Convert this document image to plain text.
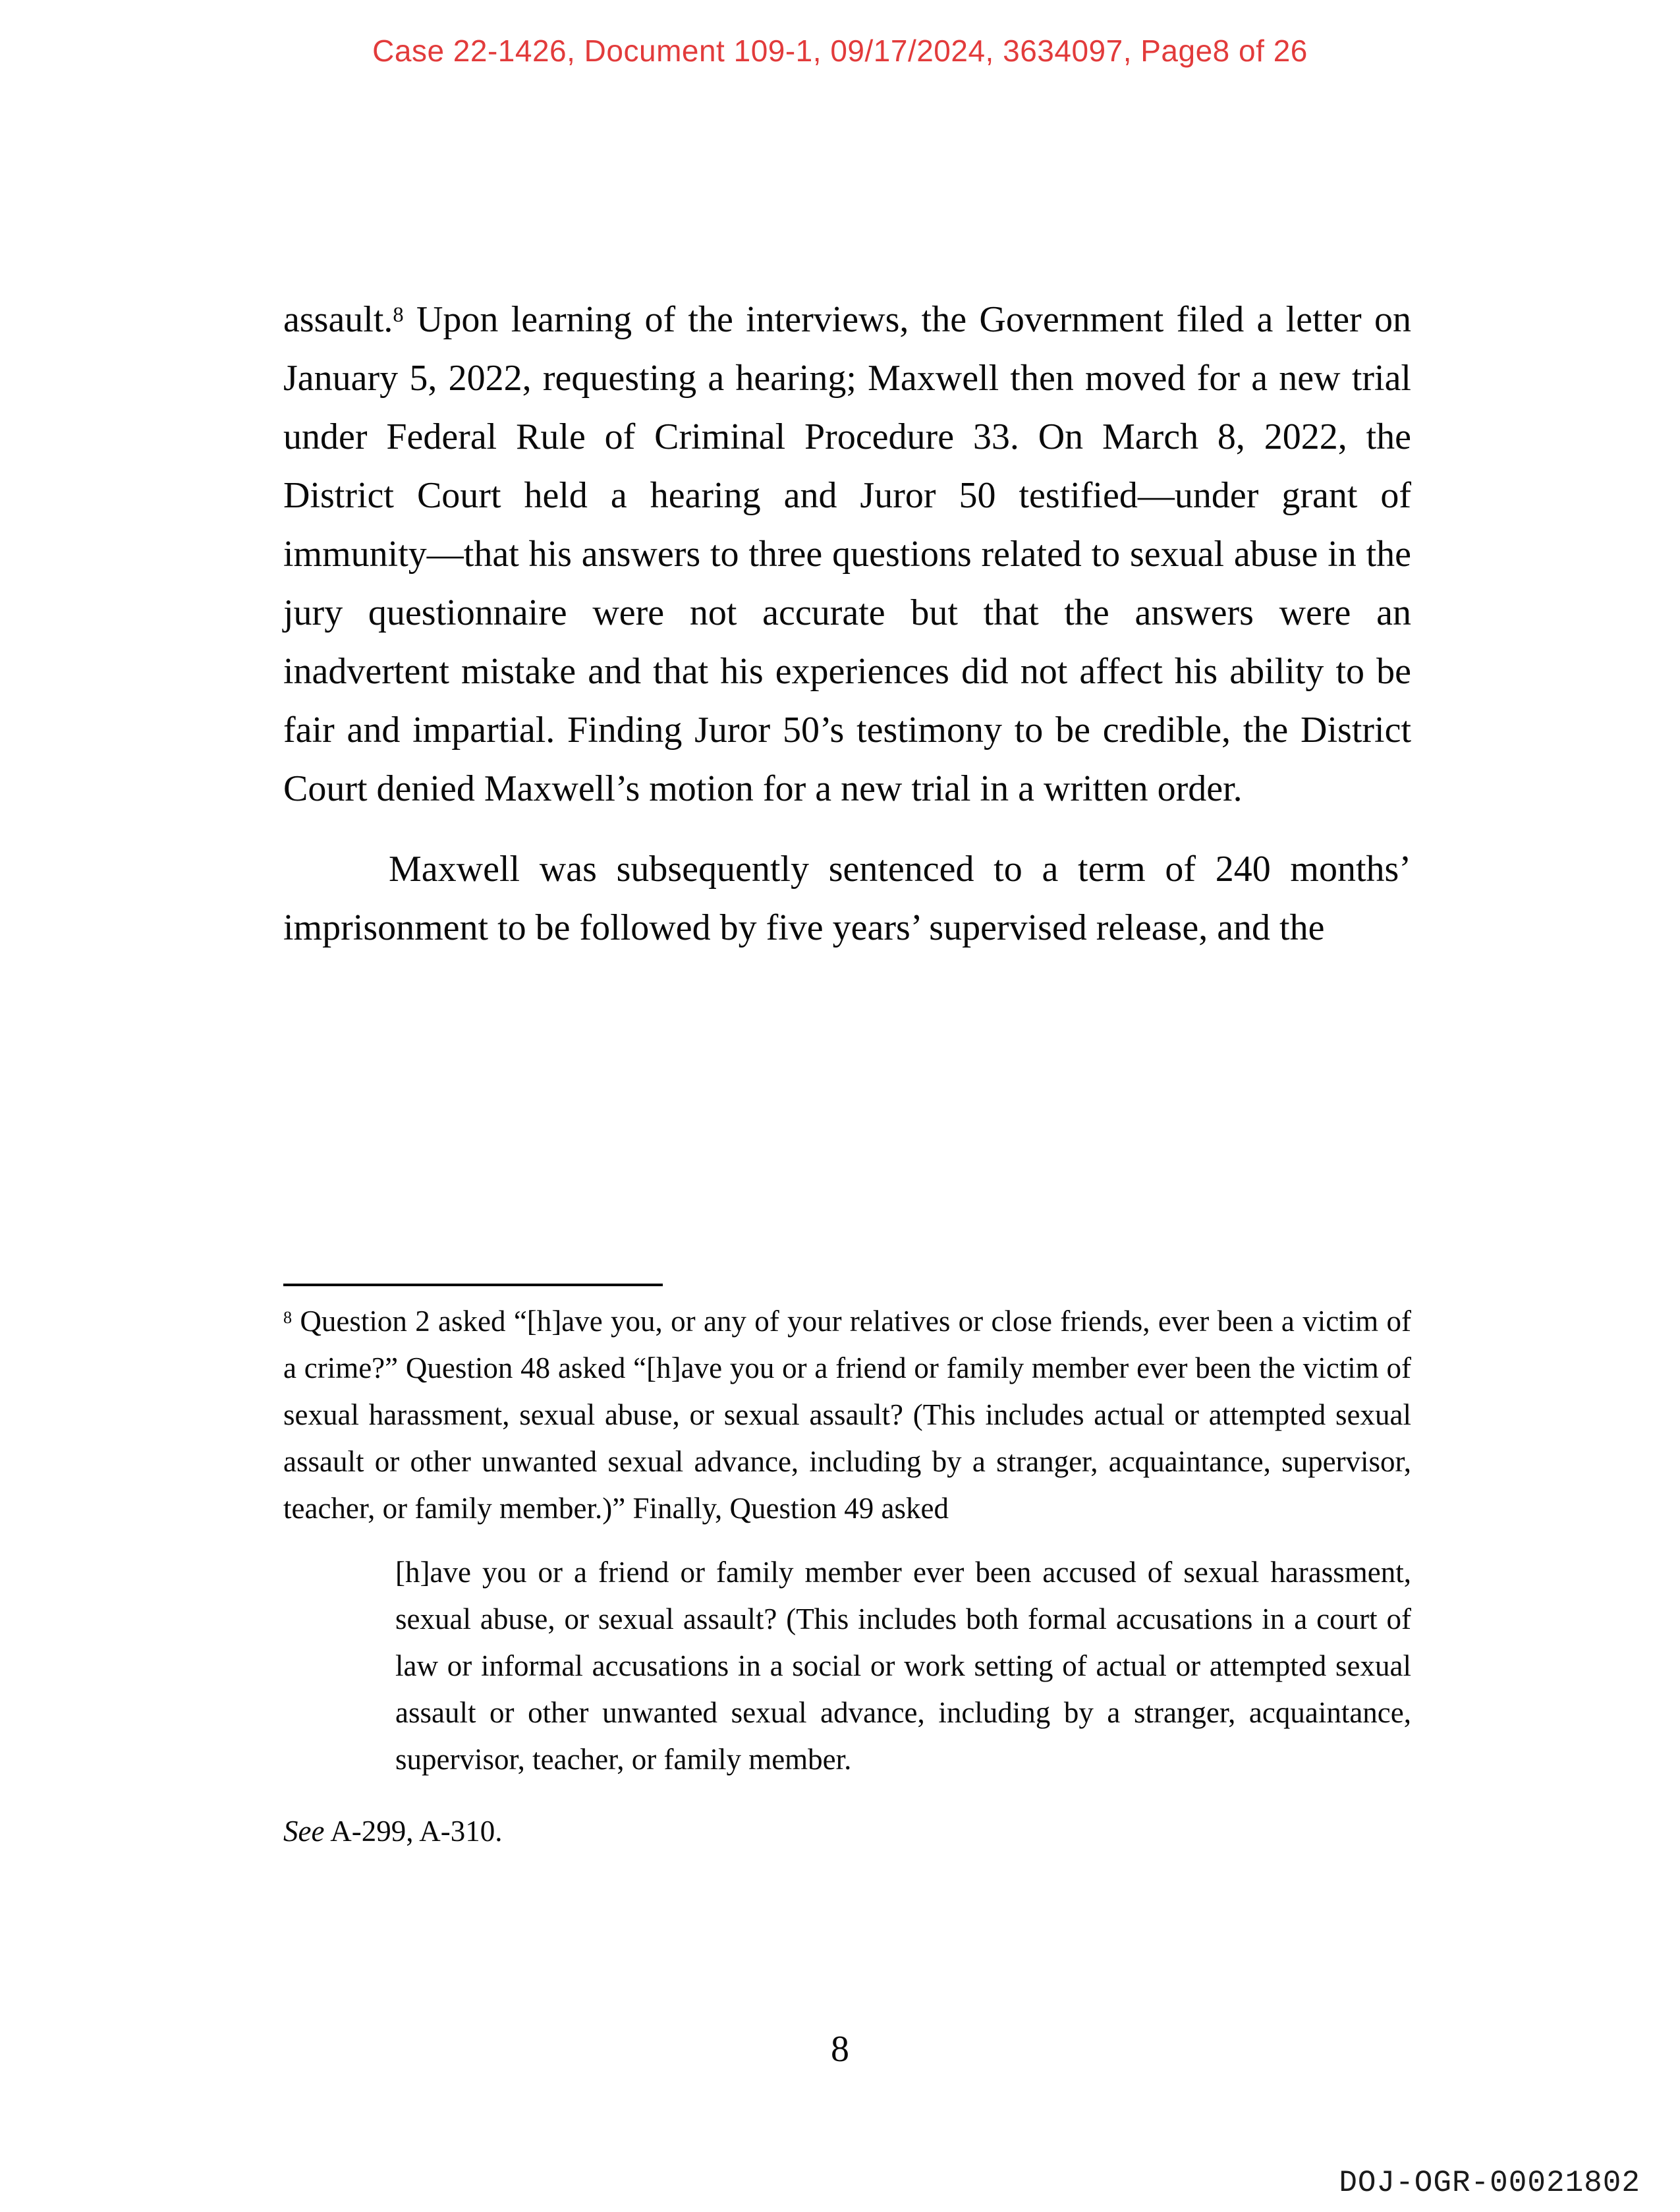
Case 22-1426, Document 109-1, 09/17/2024, 3634097, Page8 of 26

assault.$^8$ Upon learning of the interviews, the Government filed a letter on January 5, 2022, requesting a hearing; Maxwell then moved for a new trial under Federal Rule of Criminal Procedure 33. On March 8, 2022, the District Court held a hearing and Juror 50 testified—under grant of immunity—that his answers to three questions related to sexual abuse in the jury questionnaire were not accurate but that the answers were an inadvertent mistake and that his experiences did not affect his ability to be fair and impartial. Finding Juror 50’s testimony to be credible, the District Court denied Maxwell’s motion for a new trial in a written order.

Maxwell was subsequently sentenced to a term of 240 months’ imprisonment to be followed by five years’ supervised release, and the

$^8$ Question 2 asked “[h]ave you, or any of your relatives or close friends, ever been a victim of a crime?” Question 48 asked “[h]ave you or a friend or family member ever been the victim of sexual harassment, sexual abuse, or sexual assault? (This includes actual or attempted sexual assault or other unwanted sexual advance, including by a stranger, acquaintance, supervisor, teacher, or family member.)” Finally, Question 49 asked

[h]ave you or a friend or family member ever been accused of sexual harassment, sexual abuse, or sexual assault? (This includes both formal accusations in a court of law or informal accusations in a social or work setting of actual or attempted sexual assault or other unwanted sexual advance, including by a stranger, acquaintance, supervisor, teacher, or family member.

See A-299, A-310.

8
DOJ-OGR-00021802
